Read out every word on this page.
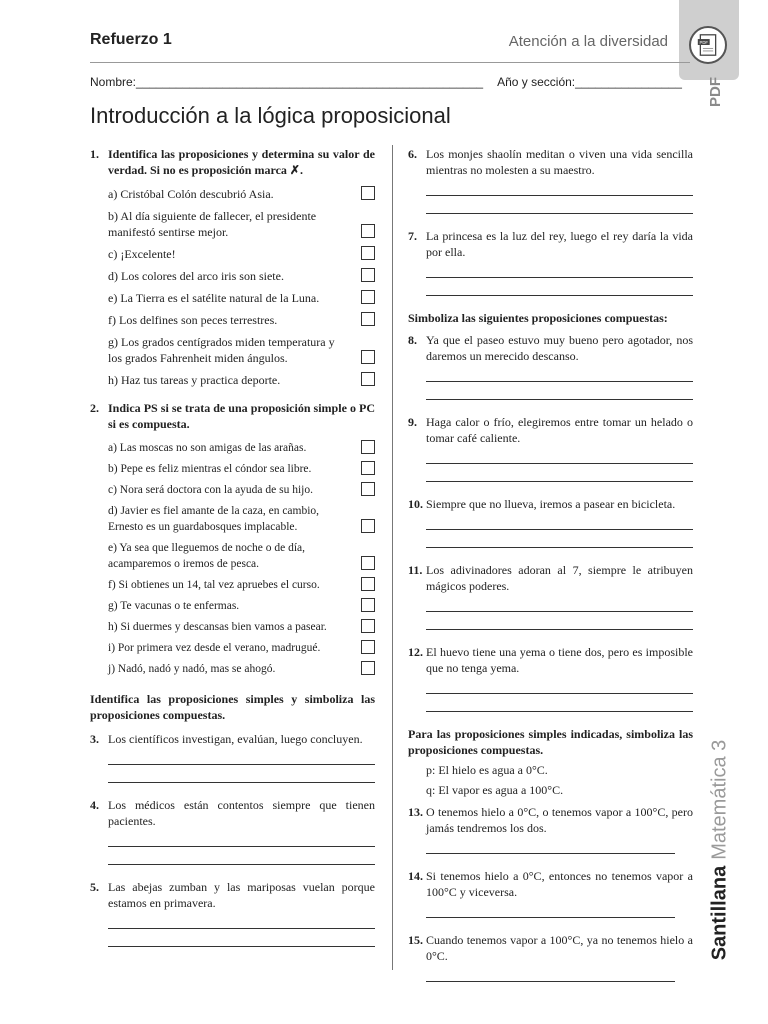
PDF
PDF
Refuerzo 1	Atención a la diversidad
Nombre:____________________________________________________ Año y sección:________________
Introducción a la lógica proposicional
SantillanaMatemática 3
1. Identifica las proposiciones y determina su valor de verdad. Si no es proposición marca ✗.
a) Cristóbal Colón descubrió Asia.
b) Al día siguiente de fallecer, el presidente manifestó sentirse mejor.
c) ¡Excelente!
d) Los colores del arco iris son siete.
e) La Tierra es el satélite natural de la Luna.
f) Los delfines son peces terrestres.
g) Los grados centígrados miden temperatura y los grados Fahrenheit miden ángulos.
h) Haz tus tareas y practica deporte.
2. Indica PS si se trata de una proposición simple o PC si es compuesta.
a) Las moscas no son amigas de las arañas.
b) Pepe es feliz mientras el cóndor sea libre.
c) Nora será doctora con la ayuda de su hijo.
d) Javier es fiel amante de la caza, en cambio, Ernesto es un guardabosques implacable.
e) Ya sea que lleguemos de noche o de día, acamparemos o iremos de pesca.
f) Si obtienes un 14, tal vez apruebes el curso.
g) Te vacunas o te enfermas.
h) Si duermes y descansas bien vamos a pasear.
i) Por primera vez desde el verano, madrugué.
j) Nadó, nadó y nadó, mas se ahogó.
Identifica las proposiciones simples y simboliza las proposiciones compuestas.
3. Los científicos investigan, evalúan, luego concluyen.
4. Los médicos están contentos siempre que tienen pacientes.
5. Las abejas zumban y las mariposas vuelan porque estamos en primavera.
6. Los monjes shaolín meditan o viven una vida sencilla mientras no molesten a su maestro.
7. La princesa es la luz del rey, luego el rey daría la vida por ella.
Simboliza las siguientes proposiciones compuestas:
8. Ya que el paseo estuvo muy bueno pero agotador, nos daremos un merecido descanso.
9. Haga calor o frío, elegiremos entre tomar un helado o tomar café caliente.
10. Siempre que no llueva, iremos a pasear en bicicleta.
11. Los adivinadores adoran al 7, siempre le atribuyen mágicos poderes.
12. El huevo tiene una yema o tiene dos, pero es imposible que no tenga yema.
Para las proposiciones simples indicadas, simboliza las proposiciones compuestas.
p: El hielo es agua a 0°C.
q: El vapor es agua a 100°C.
13. O tenemos hielo a 0°C, o tenemos vapor a 100°C, pero jamás tendremos los dos.
14. Si tenemos hielo a 0°C, entonces no tenemos vapor a 100°C y viceversa.
15. Cuando tenemos vapor a 100°C, ya no tenemos hielo a 0°C.
